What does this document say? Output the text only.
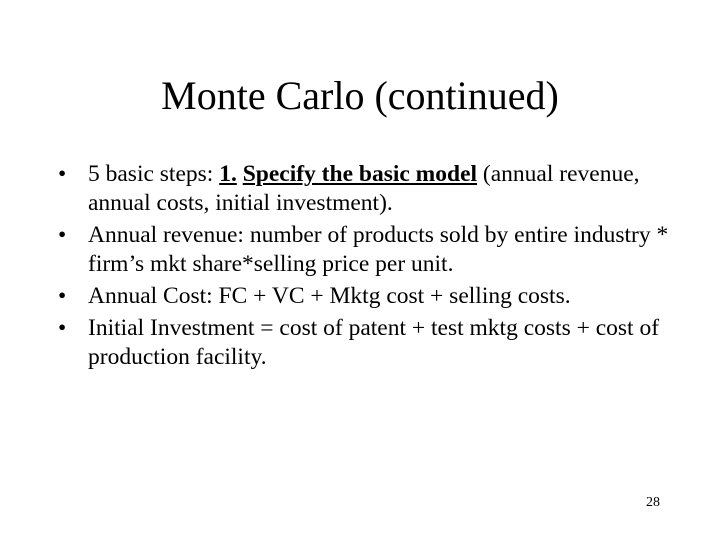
Monte Carlo (continued)
• 5 basic steps: 1. Specify the basic model (annual revenue, annual costs, initial investment).
• Annual revenue: number of products sold by entire industry * firm’s mkt share*selling price per unit.
• Annual Cost: FC + VC + Mktg cost + selling costs.
• Initial Investment = cost of patent + test mktg costs + cost of production facility.
28
